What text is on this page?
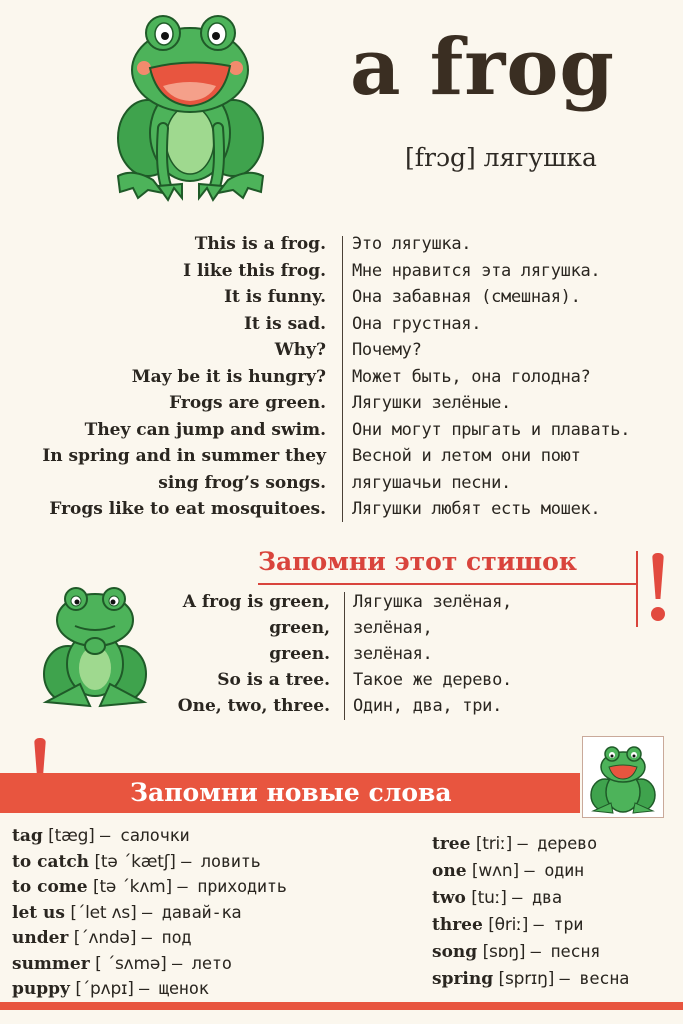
a frog
[frɔg] лягушка
This is a frog. Это лягушка.
I like this frog. Мне нравится эта лягушка.
It is funny. Она забавная (смешная).
It is sad. Она грустная.
Why? Почему?
May be it is hungry? Может быть, она голодна?
Frogs are green. Лягушки зелёные.
They can jump and swim. Они могут прыгать и плавать.
In spring and in summer they Весной и летом они поют
sing frog’s songs. лягушачьи песни.
Frogs like to eat mosquitoes. Лягушки любят есть мошек.
Запомни этот стишок
A frog is green, Лягушка зелёная,
green, зелёная,
green. зелёная.
So is a tree. Такое же дерево.
One, two, three. Один, два, три.
Запомни новые слова
tag [tæg] — салочки
to catch [tə ˊkætʃ] — ловить
to come [tə ˊkʌm] — приходить
let us [ˊlet ʌs] — давай-ка
under [ˊʌndə] — под
summer [ ˊsʌmə] — лето
puppy [ˊpʌpɪ] — щенок
tree [triː] — дерево
one [wʌn] — один
two [tuː] — два
three [θriː] — три
song [sɒŋ] — песня
spring [sprɪŋ] — весна
